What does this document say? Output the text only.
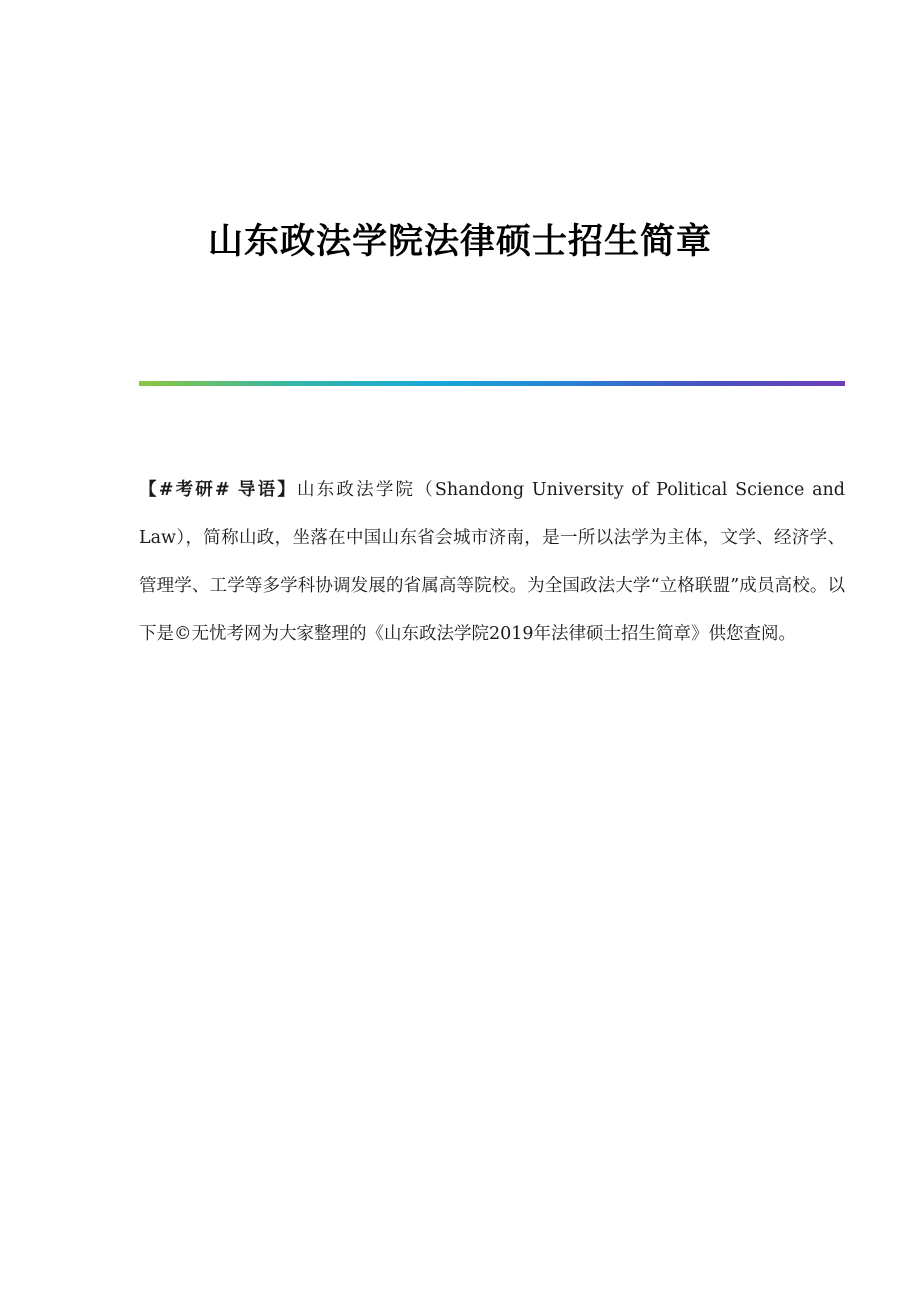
山东政法学院法律硕士招生简章
【#考研# 导语】山东政法学院（Shandong University of Political Science and Law），简称山政，坐落在中国山东省会城市济南，是一所以法学为主体，文学、经济学、管理学、工学等多学科协调发展的省属高等院校。为全国政法大学“立格联盟”成员高校。以下是©无忧考网为大家整理的《山东政法学院2019年法律硕士招生简章》供您查阅。
